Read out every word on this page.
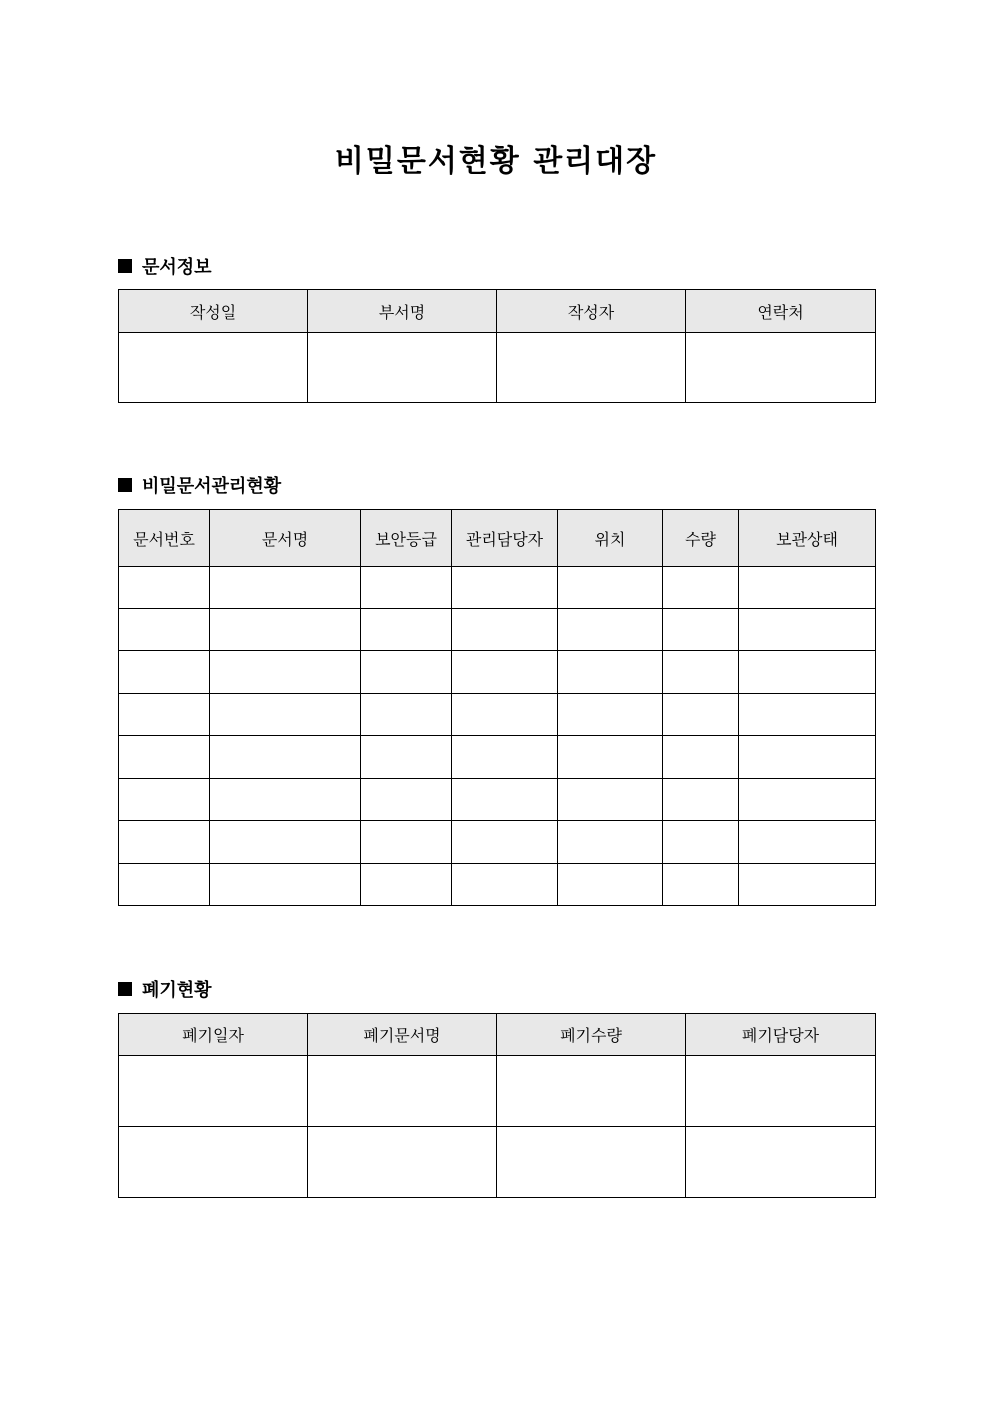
비밀문서현황 관리대장
문서정보
작성일	부서명	작성자	연락처

비밀문서관리현황
문서번호	문서명	보안등급	관리담당자	위치	수량	보관상태

폐기현황
폐기일자	폐기문서명	폐기수량	폐기담당자
